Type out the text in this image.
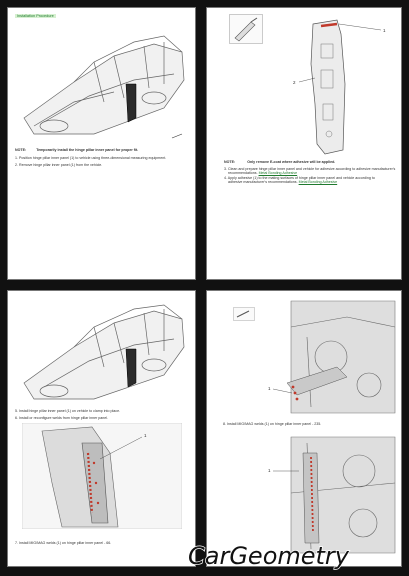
Installation Procedure
NOTE:	Temporarily install the hinge pillar inner panel for proper fit.
1. Position hinge pillar inner panel (1) to vehicle using three-dimensional measuring equipment.
2. Remove hinge pillar inner panel (1) from the vehicle.
1
2
NOTE:	Only remove E-coat where adhesive will be applied.
3. Clean and prepare hinge pillar inner panel and vehicle for adhesive according to adhesive manufacturer's
recommendations. Metal Bonding Adhesive
4. Apply adhesive (1) to the mating surfaces of hinge pillar inner panel and vehicle according to
adhesive manufacturer's recommendations. Metal Bonding Adhesive
5. Install hinge pillar inner panel (1) on vehicle to clamp into place.
6. Install or reconfigure welds from hinge pillar inner panel.
1
7. Install MIG/MAG welds (1) on hinge pillar inner panel - 66.
1
8. Install MIG/MAG welds (1) on hinge pillar inner panel - 235.
1
CarGeometry
